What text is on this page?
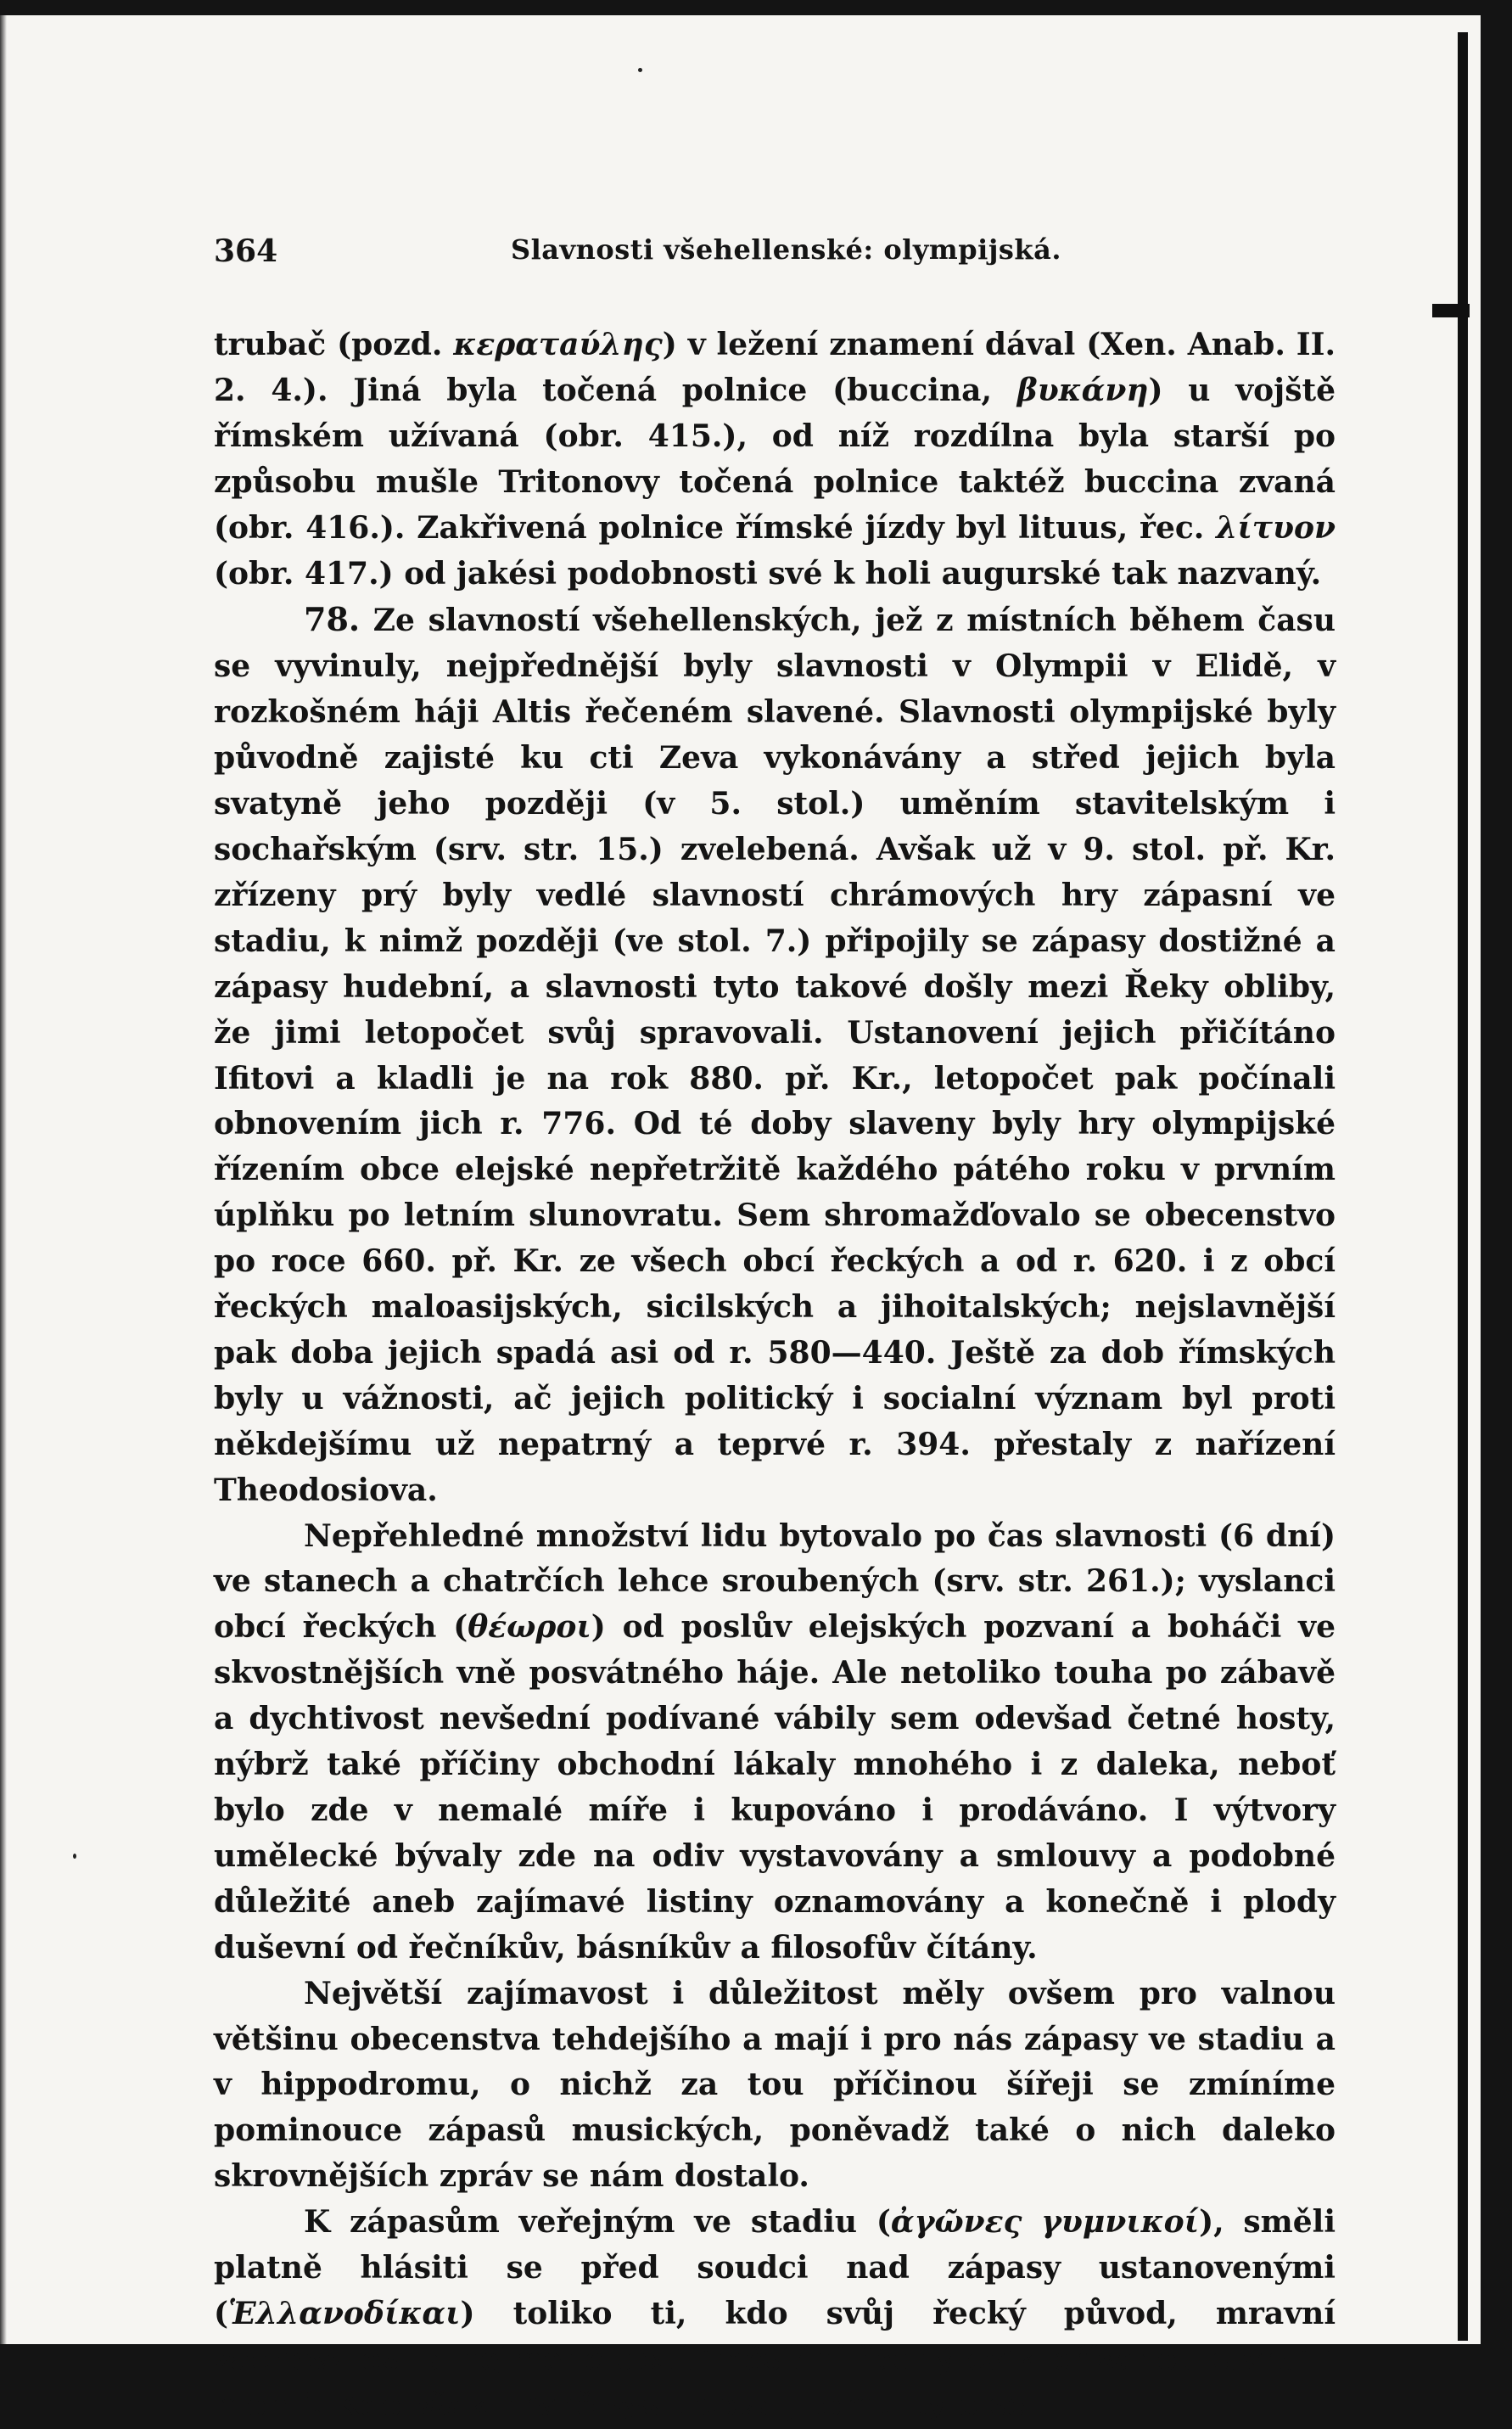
364	Slavnosti všehellenské: olympijská.

trubač (pozd. κερατaύλης) v ležení znamení dával (Xen. Anab. II. 2. 4.). Jiná byla točená polnice (buccina, βυκάνη) u vojště římském užívaná (obr. 415.), od níž rozdílna byla starší po způsobu mušle Tritonovy točená polnice taktéž buccina zvaná (obr. 416.). Zakřivená polnice římské jízdy byl lituus, řec. λίτυον (obr. 417.) od jakési podobnosti své k holi augurské tak nazvaný.

78. Ze slavností všehellenských, jež z místních během času se vyvinuly, nejpřednější byly slavnosti v Olympii v Elidě, v rozkošném háji Altis řečeném slavené. Slavnosti olympijské byly původně zajisté ku cti Zeva vykonávány a střed jejich byla svatyně jeho později (v 5. stol.) uměním stavitelským i sochařským (srv. str. 15.) zvelebená. Avšak už v 9. stol. př. Kr. zřízeny prý byly vedlé slavností chrámových hry zápasní ve stadiu, k nimž později (ve stol. 7.) připojily se zápasy dostižné a zápasy hudební, a slavnosti tyto takové došly mezi Řeky obliby, že jimi letopočet svůj spravovali. Ustanovení jejich přičítáno Ifitovi a kladli je na rok 880. př. Kr., letopočet pak počínali obnovením jich r. 776. Od té doby slaveny byly hry olympijské řízením obce elejské nepřetržitě každého pátého roku v prvním úplňku po letním slunovratu. Sem shromažďovalo se obecenstvo po roce 660. př. Kr. ze všech obcí řeckých a od r. 620. i z obcí řeckých maloasijských, sicilských a jihoitalských; nejslavnější pak doba jejich spadá asi od r. 580—440. Ještě za dob římských byly u vážnosti, ač jejich politický i socialní význam byl proti někdejšímu už nepatrný a teprvé r. 394. přestaly z nařízení Theodosiova.

Nepřehledné množství lidu bytovalo po čas slavnosti (6 dní) ve stanech a chatrčích lehce sroubených (srv. str. 261.); vyslanci obcí řeckých (θέωροι) od poslův elejských pozvaní a boháči ve skvostnějších vně posvátného háje. Ale netoliko touha po zábavě a dychtivost nevšední podívané vábily sem odevšad četné hosty, nýbrž také příčiny obchodní lákaly mnohého i z daleka, neboť bylo zde v nemalé míře i kupováno i prodáváno. I výtvory umělecké bývaly zde na odiv vystavovány a smlouvy a podobné důležité aneb zajímavé listiny oznamovány a konečně i plody duševní od řečníkův, básníkův a filosofův čítány.

Největší zajímavost i důležitost měly ovšem pro valnou většinu obecenstva tehdejšího a mají i pro nás zápasy ve stadiu a v hippodromu, o nichž za tou příčinou šířeji se zmíníme pominouce zápasů musických, poněvadž také o nich daleko skrovnějších zpráv se nám dostalo.

K zápasům veřejným ve stadiu (ἀγῶνες γυμνικοί), směli platně hlásiti se před soudci nad zápasy ustanovenými (Ἑλλανοδίκαι) toliko ti, kdo svůj řecký původ, mravní zachovalost a nejméně desítiměsíční řádný cvik přísahou stvrditi mohli. Kdo však prvně vystupoval, tomu bylo se
